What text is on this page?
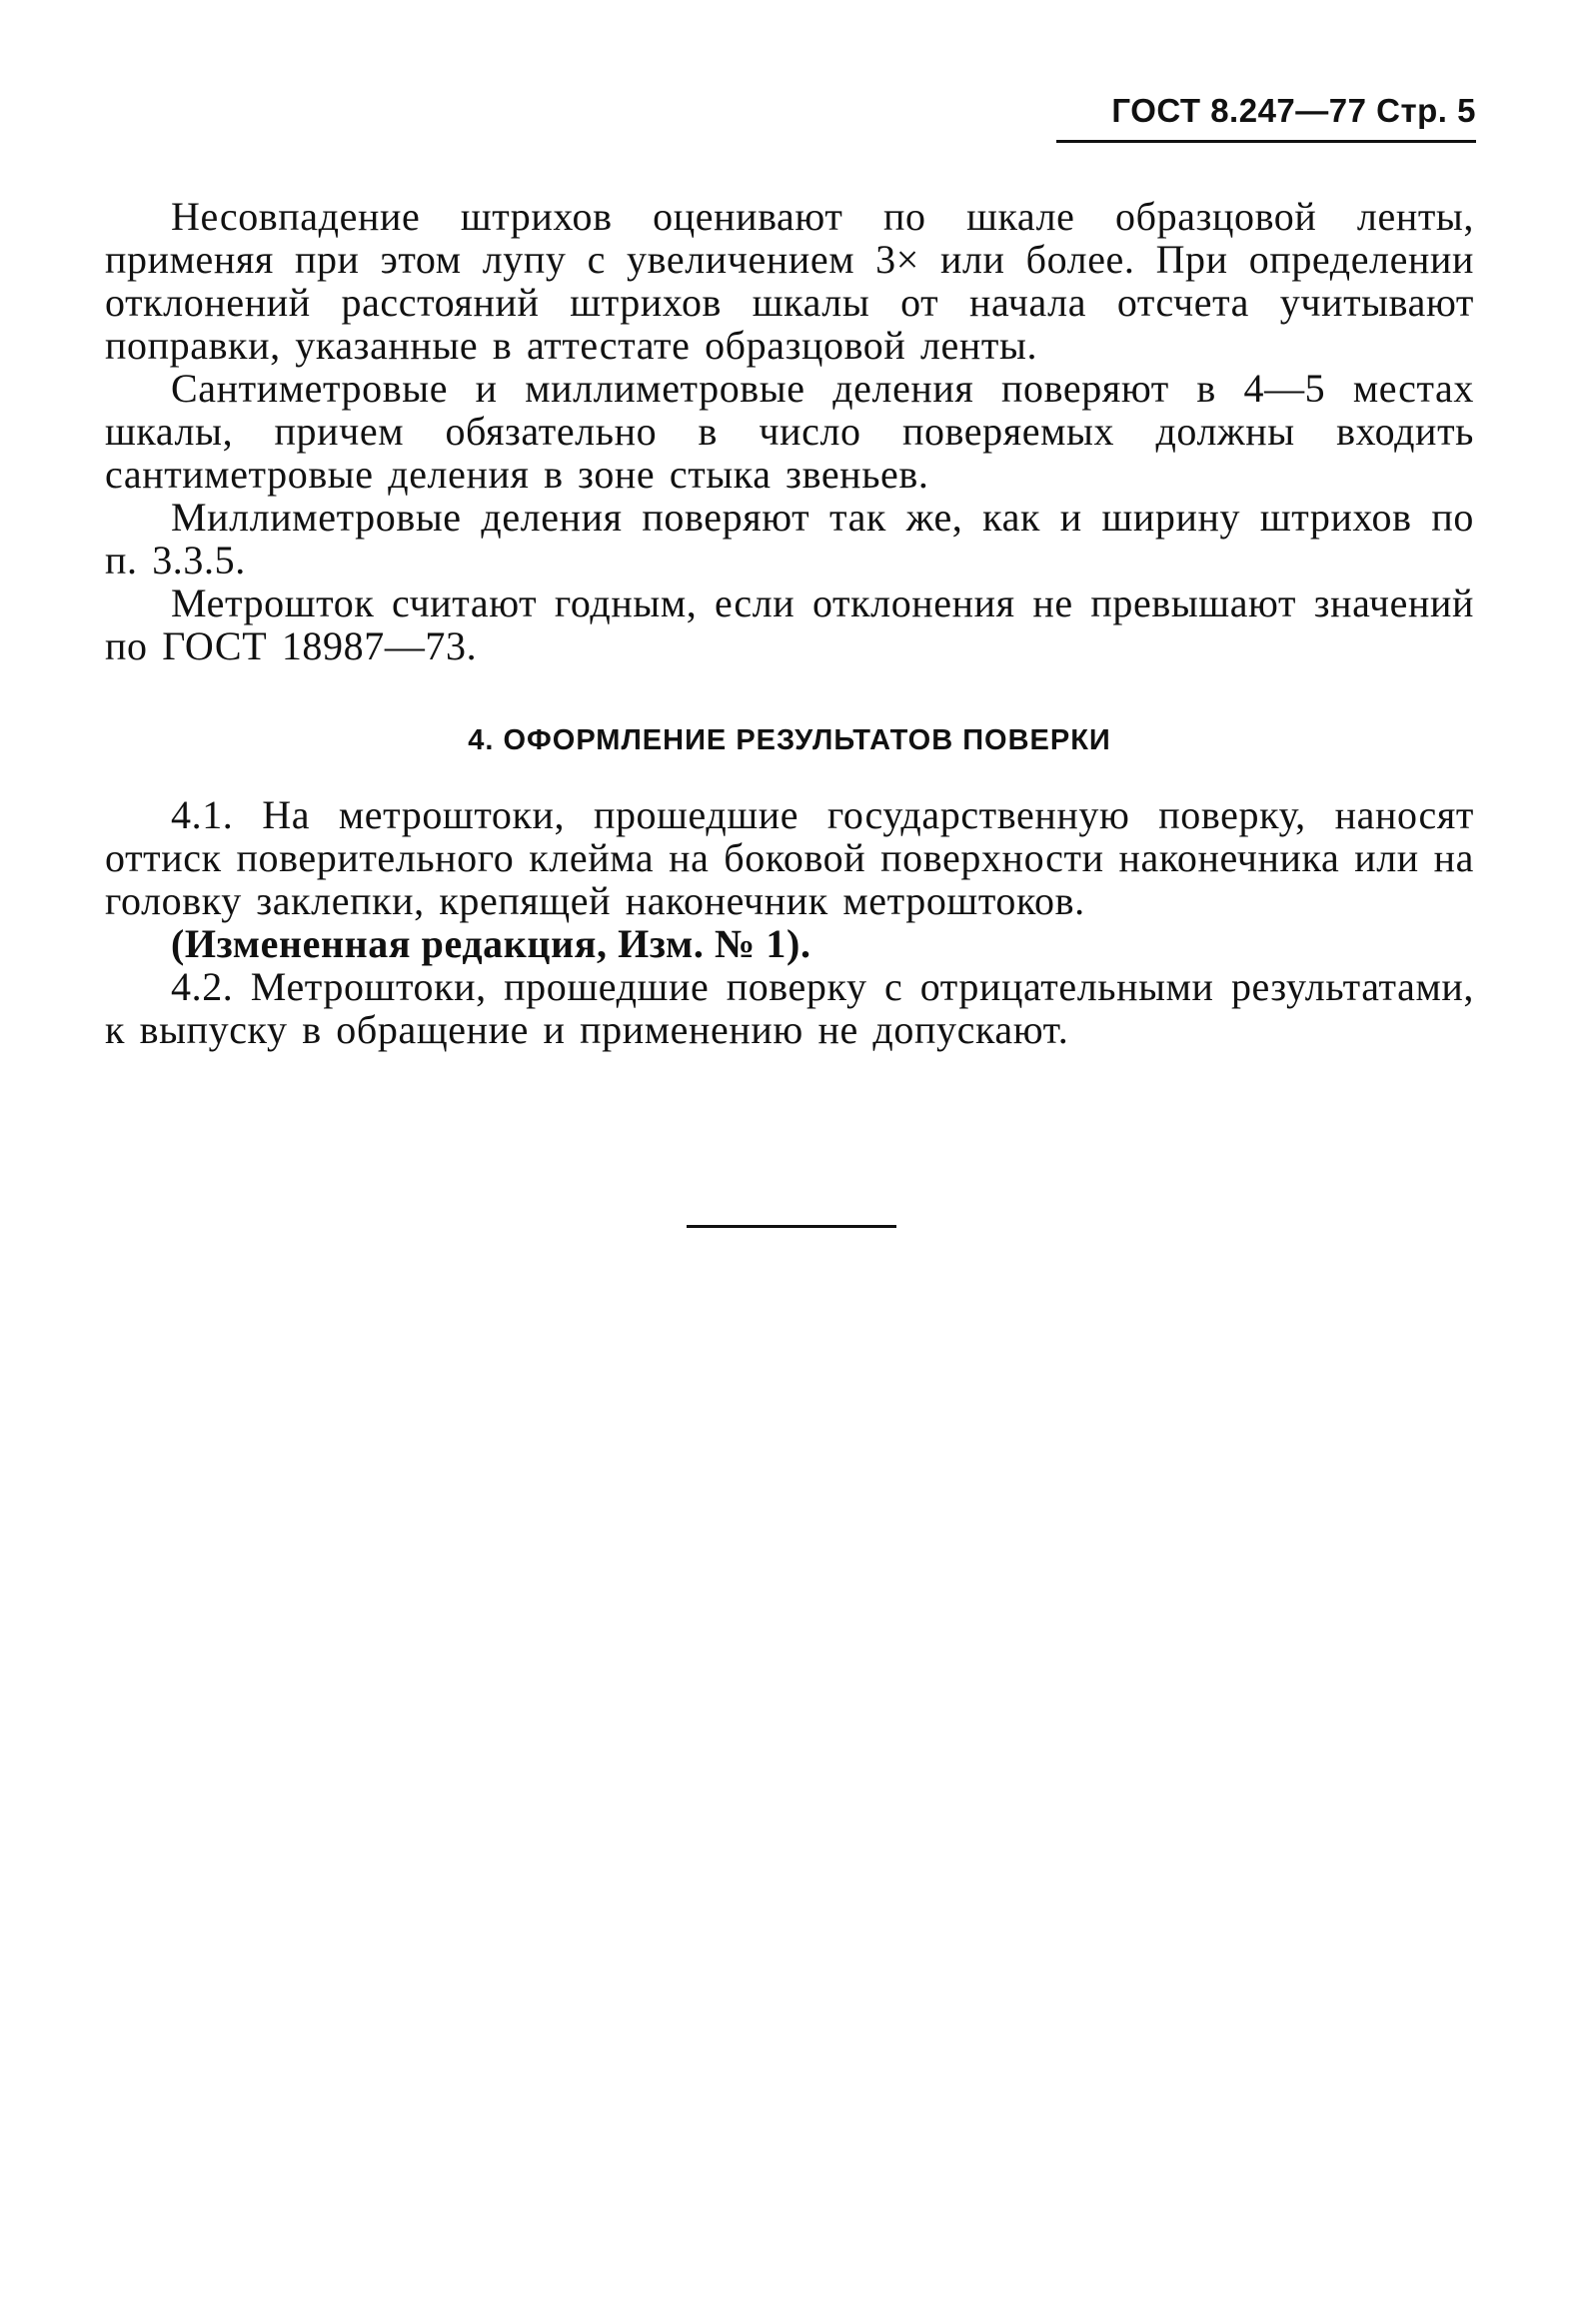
ГОСТ 8.247—77 Стр. 5

Несовпадение штрихов оценивают по шкале образцовой ленты, применяя при этом лупу с увеличением 3× или более. При определении отклонений расстояний штрихов шкалы от начала отсчета учитывают поправки, указанные в аттестате образцовой ленты.

Сантиметровые и миллиметровые деления поверяют в 4—5 местах шкалы, причем обязательно в число поверяемых должны входить сантиметровые деления в зоне стыка звеньев.

Миллиметровые деления поверяют так же, как и ширину штрихов по п. 3.3.5.

Метрошток считают годным, если отклонения не превышают значений по ГОСТ 18987—73.

4. ОФОРМЛЕНИЕ РЕЗУЛЬТАТОВ ПОВЕРКИ

4.1. На метроштоки, прошедшие государственную поверку, наносят оттиск поверительного клейма на боковой поверхности наконечника или на головку заклепки, крепящей наконечник метроштоков.

(Измененная редакция, Изм. № 1).

4.2. Метроштоки, прошедшие поверку с отрицательными результатами, к выпуску в обращение и применению не допускают.
